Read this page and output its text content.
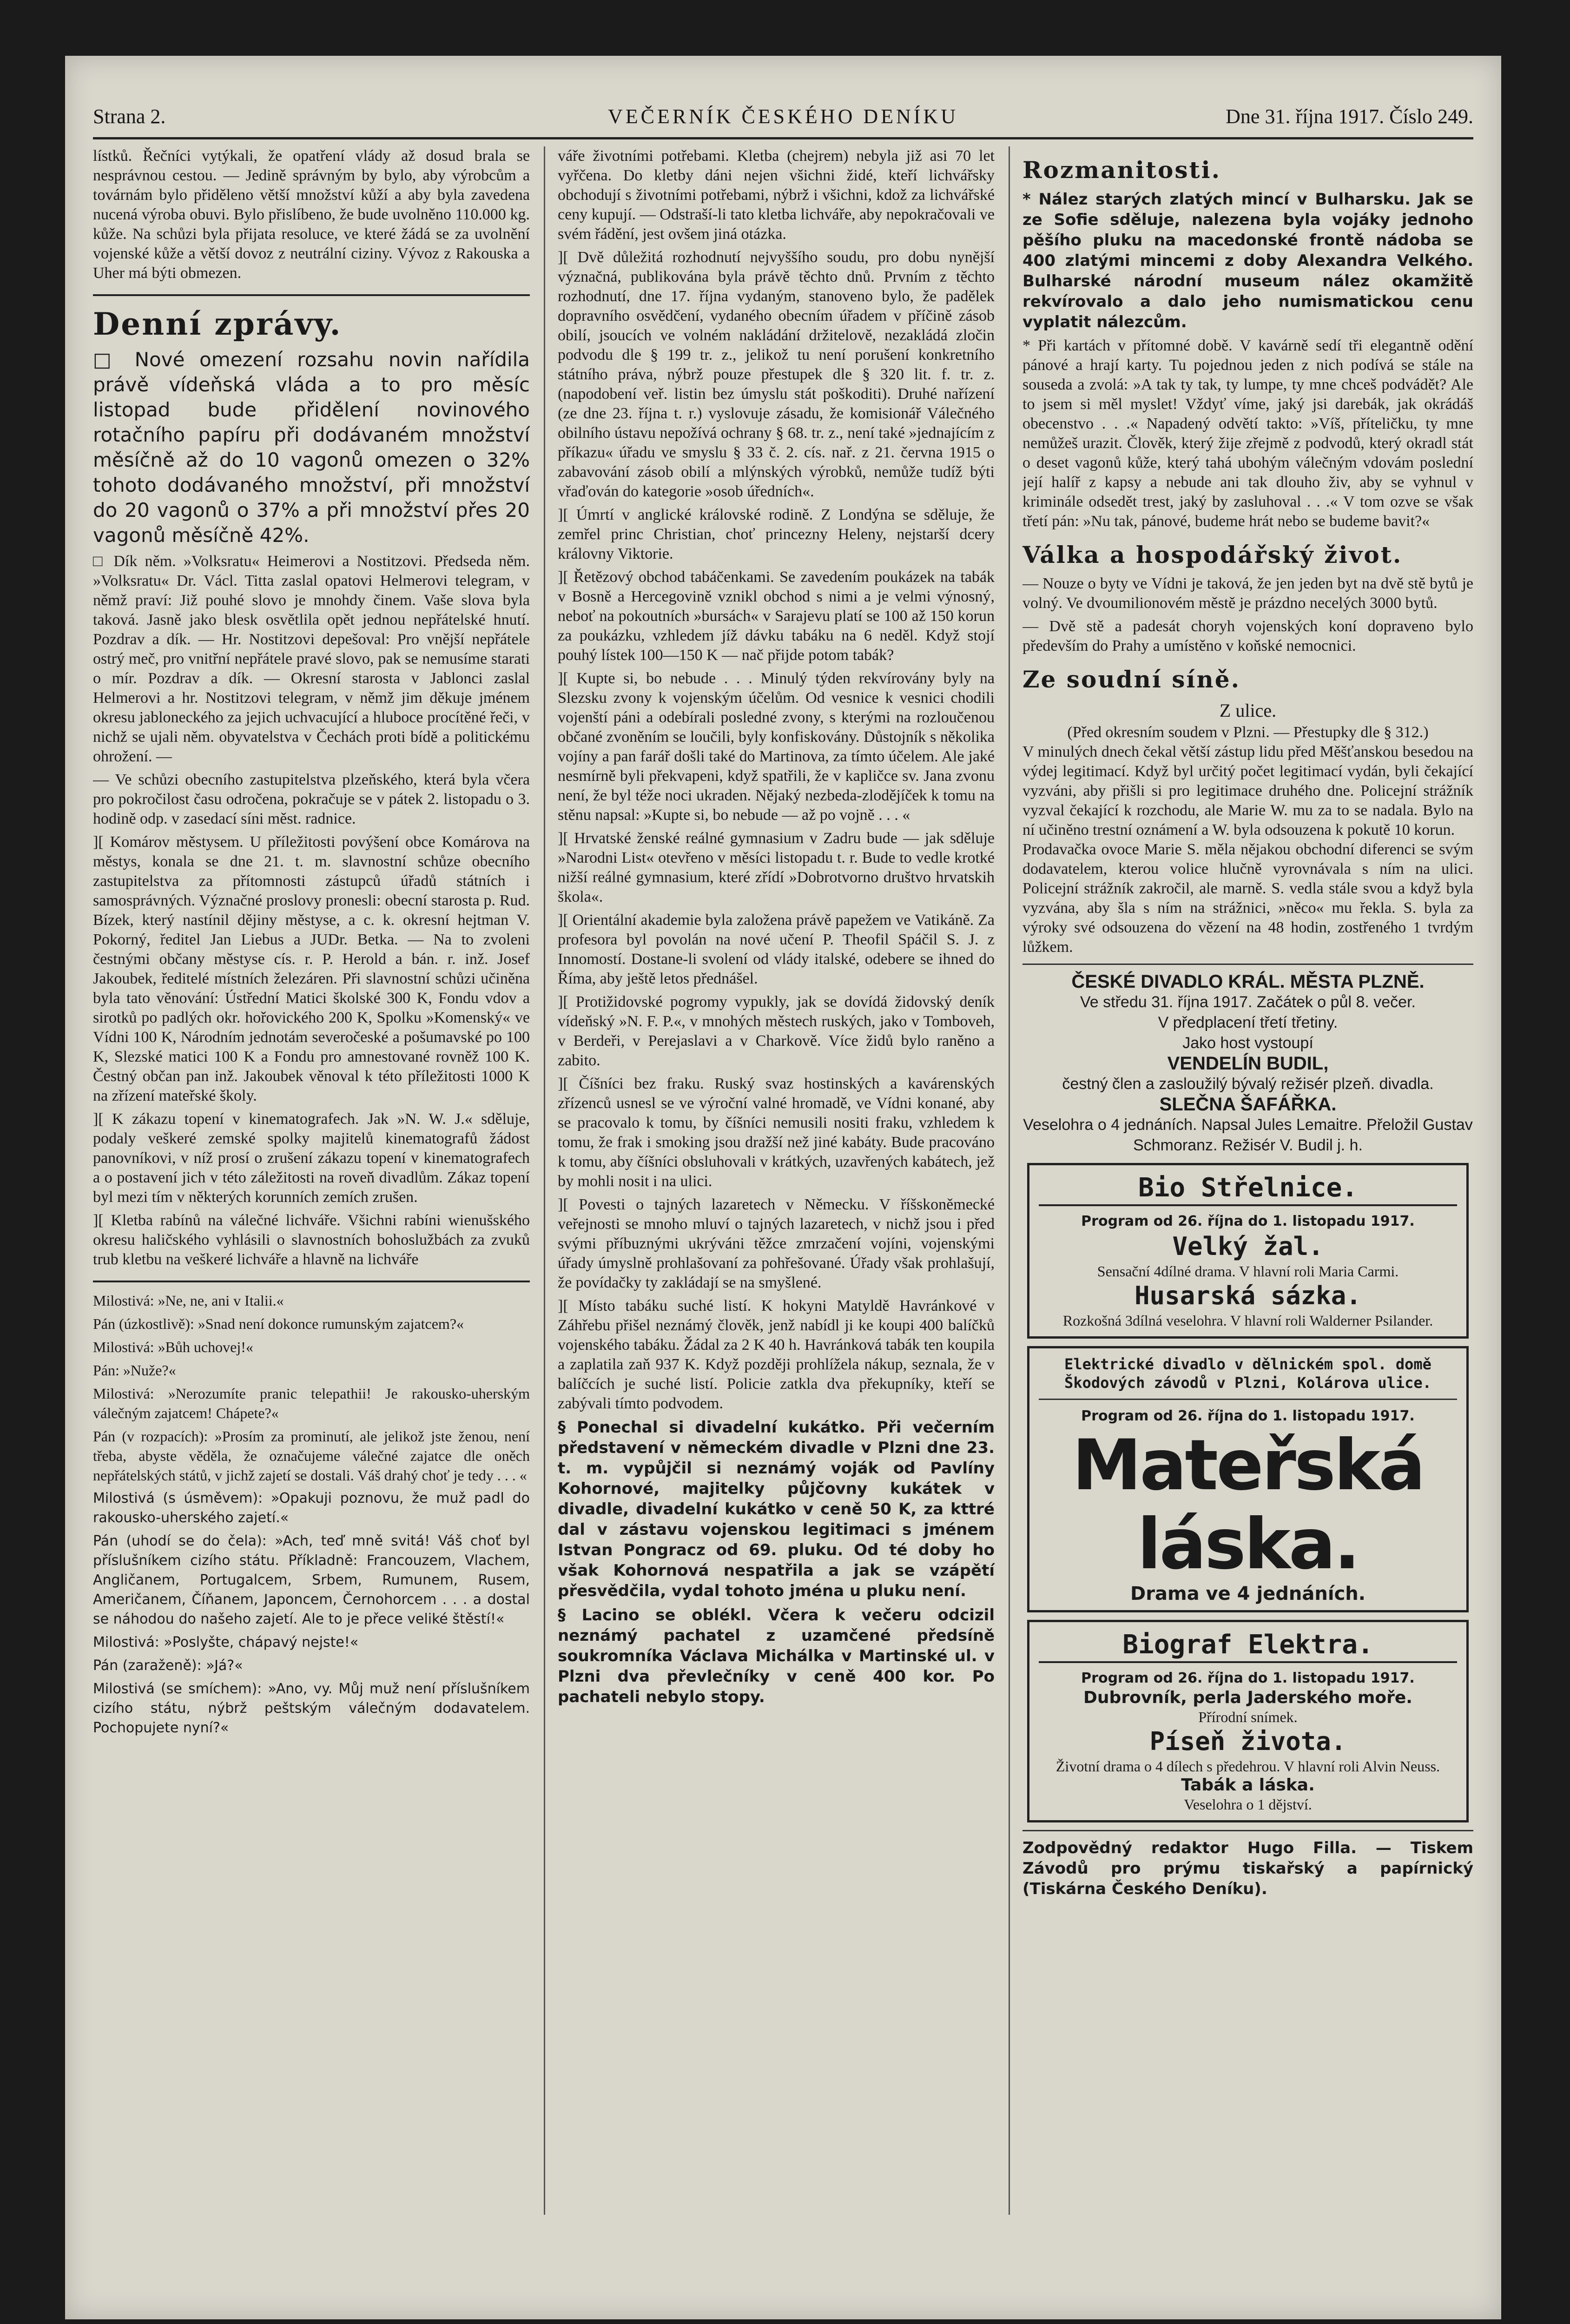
Strana 2.	VEČERNÍK ČESKÉHO DENÍKU	Dne 31. října 1917. Číslo 249.

lístků. Řečníci vytýkali, že opatření vlády až dosud brala se nesprávnou cestou. — Jedině správným by bylo, aby výrobcům a továrnám bylo přiděleno větší množství kůží a aby byla zavedena nucená výroba obuvi. Bylo přislíbeno, že bude uvolněno 110.000 kg. kůže. Na schůzi byla přijata resoluce, ve které žádá se za uvolnění vojenské kůže a větší dovoz z neutrální ciziny. Vývoz z Rakouska a Uher má býti obmezen.

Denní zprávy.

□ Nové omezení rozsahu novin nařídila právě vídeňská vláda a to pro měsíc listopad bude přidělení novinového rotačního papíru při dodávaném množství měsíčně až do 10 vagonů omezen o 32% tohoto dodávaného množství, při množství do 20 vagonů o 37% a při množství přes 20 vagonů měsíčně 42%.

□ Dík něm. »Volksratu« Heimerovi a Nostitzovi. Předseda něm. »Volksratu« Dr. Václ. Titta zaslal opatovi Helmerovi telegram, v němž praví: Již pouhé slovo je mnohdy činem. Vaše slova byla taková. Jasně jako blesk osvětlila opět jednou nepřátelské hnutí. Pozdrav a dík. — Hr. Nostitzovi depešoval: Pro vnější nepřátele ostrý meč, pro vnitřní nepřátele pravé slovo, pak se nemusíme starati o mír. Pozdrav a dík. — Okresní starosta v Jablonci zaslal Helmerovi a hr. Nostitzovi telegram, v němž jim děkuje jménem okresu jabloneckého za jejich uchvacující a hluboce procítěné řeči, v nichž se ujali něm. obyvatelstva v Čechách proti bídě a politickému ohrožení. —

— Ve schůzi obecního zastupitelstva plzeňského, která byla včera pro pokročilost času odročena, pokračuje se v pátek 2. listopadu o 3. hodině odp. v zasedací síni měst. radnice.

][ Komárov městysem. U příležitosti povýšení obce Komárova na městys, konala se dne 21. t. m. slavnostní schůze obecního zastupitelstva za přítomnosti zástupců úřadů státních i samosprávných. Význačné proslovy pronesli: obecní starosta p. Rud. Bízek, který nastínil dějiny městyse, a c. k. okresní hejtman V. Pokorný, ředitel Jan Liebus a JUDr. Betka. — Na to zvoleni čestnými občany městyse cís. r. P. Herold a bán. r. inž. Josef Jakoubek, ředitelé místních železáren. Při slavnostní schůzi učiněna byla tato věnování: Ústřední Matici školské 300 K, Fondu vdov a sirotků po padlých okr. hořovického 200 K, Spolku »Komenský« ve Vídni 100 K, Národním jednotám severočeské a pošumavské po 100 K, Slezské matici 100 K a Fondu pro amnestované rovněž 100 K. Čestný občan pan inž. Jakoubek věnoval k této příležitosti 1000 K na zřízení mateřské školy.

][ K zákazu topení v kinematografech. Jak »N. W. J.« sděluje, podaly veškeré zemské spolky majitelů kinematografů žádost panovníkovi, v níž prosí o zrušení zákazu topení v kinematografech a o postavení jich v této záležitosti na roveň divadlům. Zákaz topení byl mezi tím v některých korunních zemích zrušen.

][ Kletba rabínů na válečné lichváře. Všichni rabíni wienušského okresu haličského vyhlásili o slavnostních bohoslužbách za zvuků trub kletbu na veškeré lichváře a hlavně na lichváře

Milostivá: »Ne, ne, ani v Italii.«

Pán (úzkostlivě): »Snad není dokonce rumunským zajatcem?«

Milostivá: »Bůh uchovej!«

Pán: »Nuže?«

Milostivá: »Nerozumíte pranic telepathii! Je rakousko-uherským válečným zajatcem! Chápete?«

Pán (v rozpacích): »Prosím za prominutí, ale jelikož jste ženou, není třeba, abyste věděla, že označujeme válečné zajatce dle oněch nepřátelských států, v jichž zajetí se dostali. Váš drahý choť je tedy . . . «

Milostivá (s úsměvem): »Opakuji poznovu, že muž padl do rakousko-uherského zajetí.«

Pán (uhodí se do čela): »Ach, teď mně svitá! Váš choť byl příslušníkem cizího státu. Příkladně: Francouzem, Vlachem, Angličanem, Portugalcem, Srbem, Rumunem, Rusem, Američanem, Číňanem, Japoncem, Černohorcem . . . a dostal se náhodou do našeho zajetí. Ale to je přece veliké štěstí!«

Milostivá: »Poslyšte, chápavý nejste!«

Pán (zaraženě): »Já?«

Milostivá (se smíchem): »Ano, vy. Můj muž není příslušníkem cizího státu, nýbrž peštským válečným dodavatelem. Pochopujete nyní?«

váře životními potřebami. Kletba (chejrem) nebyla již asi 70 let vyřčena. Do kletby dáni nejen všichni židé, kteří lichvářsky obchodují s životními potřebami, nýbrž i všichni, kdož za lichvářské ceny kupují. — Odstraší-li tato kletba lichváře, aby nepokračovali ve svém řádění, jest ovšem jiná otázka.

][ Dvě důležitá rozhodnutí nejvyššího soudu, pro dobu nynější význačná, publikována byla právě těchto dnů. Prvním z těchto rozhodnutí, dne 17. října vydaným, stanoveno bylo, že padělek dopravního osvědčení, vydaného obecním úřadem v příčině zásob obilí, jsoucích ve volném nakládání držitelově, nezakládá zločin podvodu dle § 199 tr. z., jelikož tu není porušení konkretního státního práva, nýbrž pouze přestupek dle § 320 lit. f. tr. z. (napodobení veř. listin bez úmyslu stát poškoditi). Druhé nařízení (ze dne 23. října t. r.) vyslovuje zásadu, že komisionář Válečného obilního ústavu nepožívá ochrany § 68. tr. z., není také »jednajícím z příkazu« úřadu ve smyslu § 33 č. 2. cís. nař. z 21. června 1915 o zabavování zásob obilí a mlýnských výrobků, nemůže tudíž býti vřaďován do kategorie »osob úředních«.

][ Úmrtí v anglické královské rodině. Z Londýna se sděluje, že zemřel princ Christian, choť princezny Heleny, nejstarší dcery královny Viktorie.

][ Řetězový obchod tabáčenkami. Se zavedením poukázek na tabák v Bosně a Hercegovině vznikl obchod s nimi a je velmi výnosný, neboť na pokoutních »bursách« v Sarajevu platí se 100 až 150 korun za poukázku, vzhledem jíž dávku tabáku na 6 neděl. Když stojí pouhý lístek 100—150 K — nač přijde potom tabák?

][ Kupte si, bo nebude . . . Minulý týden rekvírovány byly na Slezsku zvony k vojenským účelům. Od vesnice k vesnici chodili vojenští páni a odebírali posledné zvony, s kterými na rozloučenou občané zvoněním se loučili, byly konfiskovány. Důstojník s několika vojíny a pan farář došli také do Martinova, za tímto účelem. Ale jaké nesmírně byli překvapeni, když spatřili, že v kapličce sv. Jana zvonu není, že byl téže noci ukraden. Nějaký nezbeda-zlodějíček k tomu na stěnu napsal: »Kupte si, bo nebude — až po vojně . . . «

][ Hrvatské ženské reálné gymnasium v Zadru bude — jak sděluje »Narodni List« otevřeno v měsíci listopadu t. r. Bude to vedle krotké nižší reálné gymnasium, které zřídí »Dobrotvorno društvo hrvatskih škola«.

][ Orientální akademie byla založena právě papežem ve Vatikáně. Za profesora byl povolán na nové učení P. Theofil Spáčil S. J. z Innomostí. Dostane-li svolení od vlády italské, odebere se ihned do Říma, aby ještě letos přednášel.

][ Protižidovské pogromy vypukly, jak se dovídá židovský deník vídeňský »N. F. P.«, v mnohých městech ruských, jako v Tomboveh, v Berdeři, v Perejaslavi a v Charkově. Více židů bylo raněno a zabito.

][ Číšníci bez fraku. Ruský svaz hostinských a kavárenských zřízenců usnesl se ve výroční valné hromadě, ve Vídni konané, aby se pracovalo k tomu, by číšníci nemusili nositi fraku, vzhledem k tomu, že frak i smoking jsou dražší než jiné kabáty. Bude pracováno k tomu, aby číšníci obsluhovali v krátkých, uzavřených kabátech, jež by mohli nosit i na ulici.

][ Povesti o tajných lazaretech v Německu. V říšskoněmecké veřejnosti se mnoho mluví o tajných lazaretech, v nichž jsou i před svými příbuznými ukrýváni těžce zmrzačení vojíni, vojenskými úřady úmyslně prohlašovaní za pohřešované. Úřady však prohlašují, že povídačky ty zakládají se na smyšlené.

][ Místo tabáku suché listí. K hokyni Matyldě Havránkové v Záhřebu přišel neznámý člověk, jenž nabídl ji ke koupi 400 balíčků vojenského tabáku. Žádal za 2 K 40 h. Havránková tabák ten koupila a zaplatila zaň 937 K. Když později prohlížela nákup, seznala, že v balíčcích je suché listí. Policie zatkla dva překupníky, kteří se zabývali tímto podvodem.

§ Ponechal si divadelní kukátko. Při večerním představení v německém divadle v Plzni dne 23. t. m. vypůjčil si neznámý voják od Pavlíny Kohornové, majitelky půjčovny kukátek v divadle, divadelní kukátko v ceně 50 K, za kttré dal v zástavu vojenskou legitimaci s jménem Istvan Pongracz od 69. pluku. Od té doby ho však Kohornová nespatřila a jak se vzápětí přesvědčila, vydal tohoto jména u pluku není.

§ Lacino se oblékl. Včera k večeru odcizil neznámý pachatel z uzamčené předsíně soukromníka Václava Michálka v Martinské ul. v Plzni dva převlečníky v ceně 400 kor. Po pachateli nebylo stopy.

Rozmanitosti.

* Nález starých zlatých mincí v Bulharsku. Jak se ze Sofie sděluje, nalezena byla vojáky jednoho pěšího pluku na macedonské frontě nádoba se 400 zlatými mincemi z doby Alexandra Velkého. Bulharské národní museum nález okamžitě rekvírovalo a dalo jeho numismatickou cenu vyplatit nálezcům.

* Při kartách v přítomné době. V kavárně sedí tři elegantně odění pánové a hrají karty. Tu pojednou jeden z nich podívá se stále na souseda a zvolá: »A tak ty tak, ty lumpe, ty mne chceš podvádět? Ale to jsem si měl myslet! Vždyť víme, jaký jsi darebák, jak okrádáš obecenstvo . . .« Napadený odvětí takto: »Víš, příteličku, ty mne nemůžeš urazit. Člověk, který žije zřejmě z podvodů, který okradl stát o deset vagonů kůže, který tahá ubohým válečným vdovám poslední její halíř z kapsy a nebude ani tak dlouho živ, aby se vyhnul v kriminále odsedět trest, jaký by zasluhoval . . .« V tom ozve se však třetí pán: »Nu tak, pánové, budeme hrát nebo se budeme bavit?«

Válka a hospodářský život.

— Nouze o byty ve Vídni je taková, že jen jeden byt na dvě stě bytů je volný. Ve dvoumilionovém městě je prázdno necelých 3000 bytů.

— Dvě stě a padesát choryh vojenských koní dopraveno bylo především do Prahy a umístěno v koňské nemocnici.

Ze soudní síně.
Z ulice.
(Před okresním soudem v Plzni. — Přestupky dle § 312.)

V minulých dnech čekal větší zástup lidu před Měšťanskou besedou na výdej legitimací. Když byl určitý počet legitimací vydán, byli čekající vyzváni, aby přišli si pro legitimace druhého dne. Policejní strážník vyzval čekající k rozchodu, ale Marie W. mu za to se nadala. Bylo na ní učiněno trestní oznámení a W. byla odsouzena k pokutě 10 korun.
Prodavačka ovoce Marie S. měla nějakou obchodní diferenci se svým dodavatelem, kterou volice hlučně vyrovnávala s ním na ulici. Policejní strážník zakročil, ale marně. S. vedla stále svou a když byla vyzvána, aby šla s ním na strážnici, »něco« mu řekla. S. byla za výroky své odsouzena do vězení na 48 hodin, zostřeného 1 tvrdým lůžkem.

ČESKÉ DIVADLO KRÁL. MĚSTA PLZNĚ.
Ve středu 31. října 1917. Začátek o půl 8. večer.
V předplacení třetí třetiny.
Jako host vystoupí
VENDELÍN BUDIL,
čestný člen a zasloužilý bývalý režisér plzeň. divadla.
SLEČNA ŠAFÁŘKA.
Veselohra o 4 jednáních. Napsal Jules Lemaitre. Přeložil Gustav Schmoranz. Režisér V. Budil j. h.
Bio Střelnice.
Program od 26. října do 1. listopadu 1917.
Velký žal.
Sensační 4dílné drama. V hlavní roli Maria Carmi.
Husarská sázka.
Rozkošná 3dílná veselohra. V hlavní roli Walderner Psilander.
Elektrické divadlo v dělnickém spol. domě Škodových závodů v Plzni, Kolárova ulice.
Program od 26. října do 1. listopadu 1917.
Mateřská láska.
Drama ve 4 jednáních.
Biograf Elektra.
Program od 26. října do 1. listopadu 1917.
Dubrovník, perla Jaderského moře.
Přírodní snímek.
Píseň života.
Životní drama o 4 dílech s předehrou. V hlavní roli Alvin Neuss.
Tabák a láska.
Veselohra o 1 dějství.

Zodpovědný redaktor Hugo Filla. — Tiskem Závodů pro prýmu tiskařský a papírnický (Tiskárna Českého Deníku).
